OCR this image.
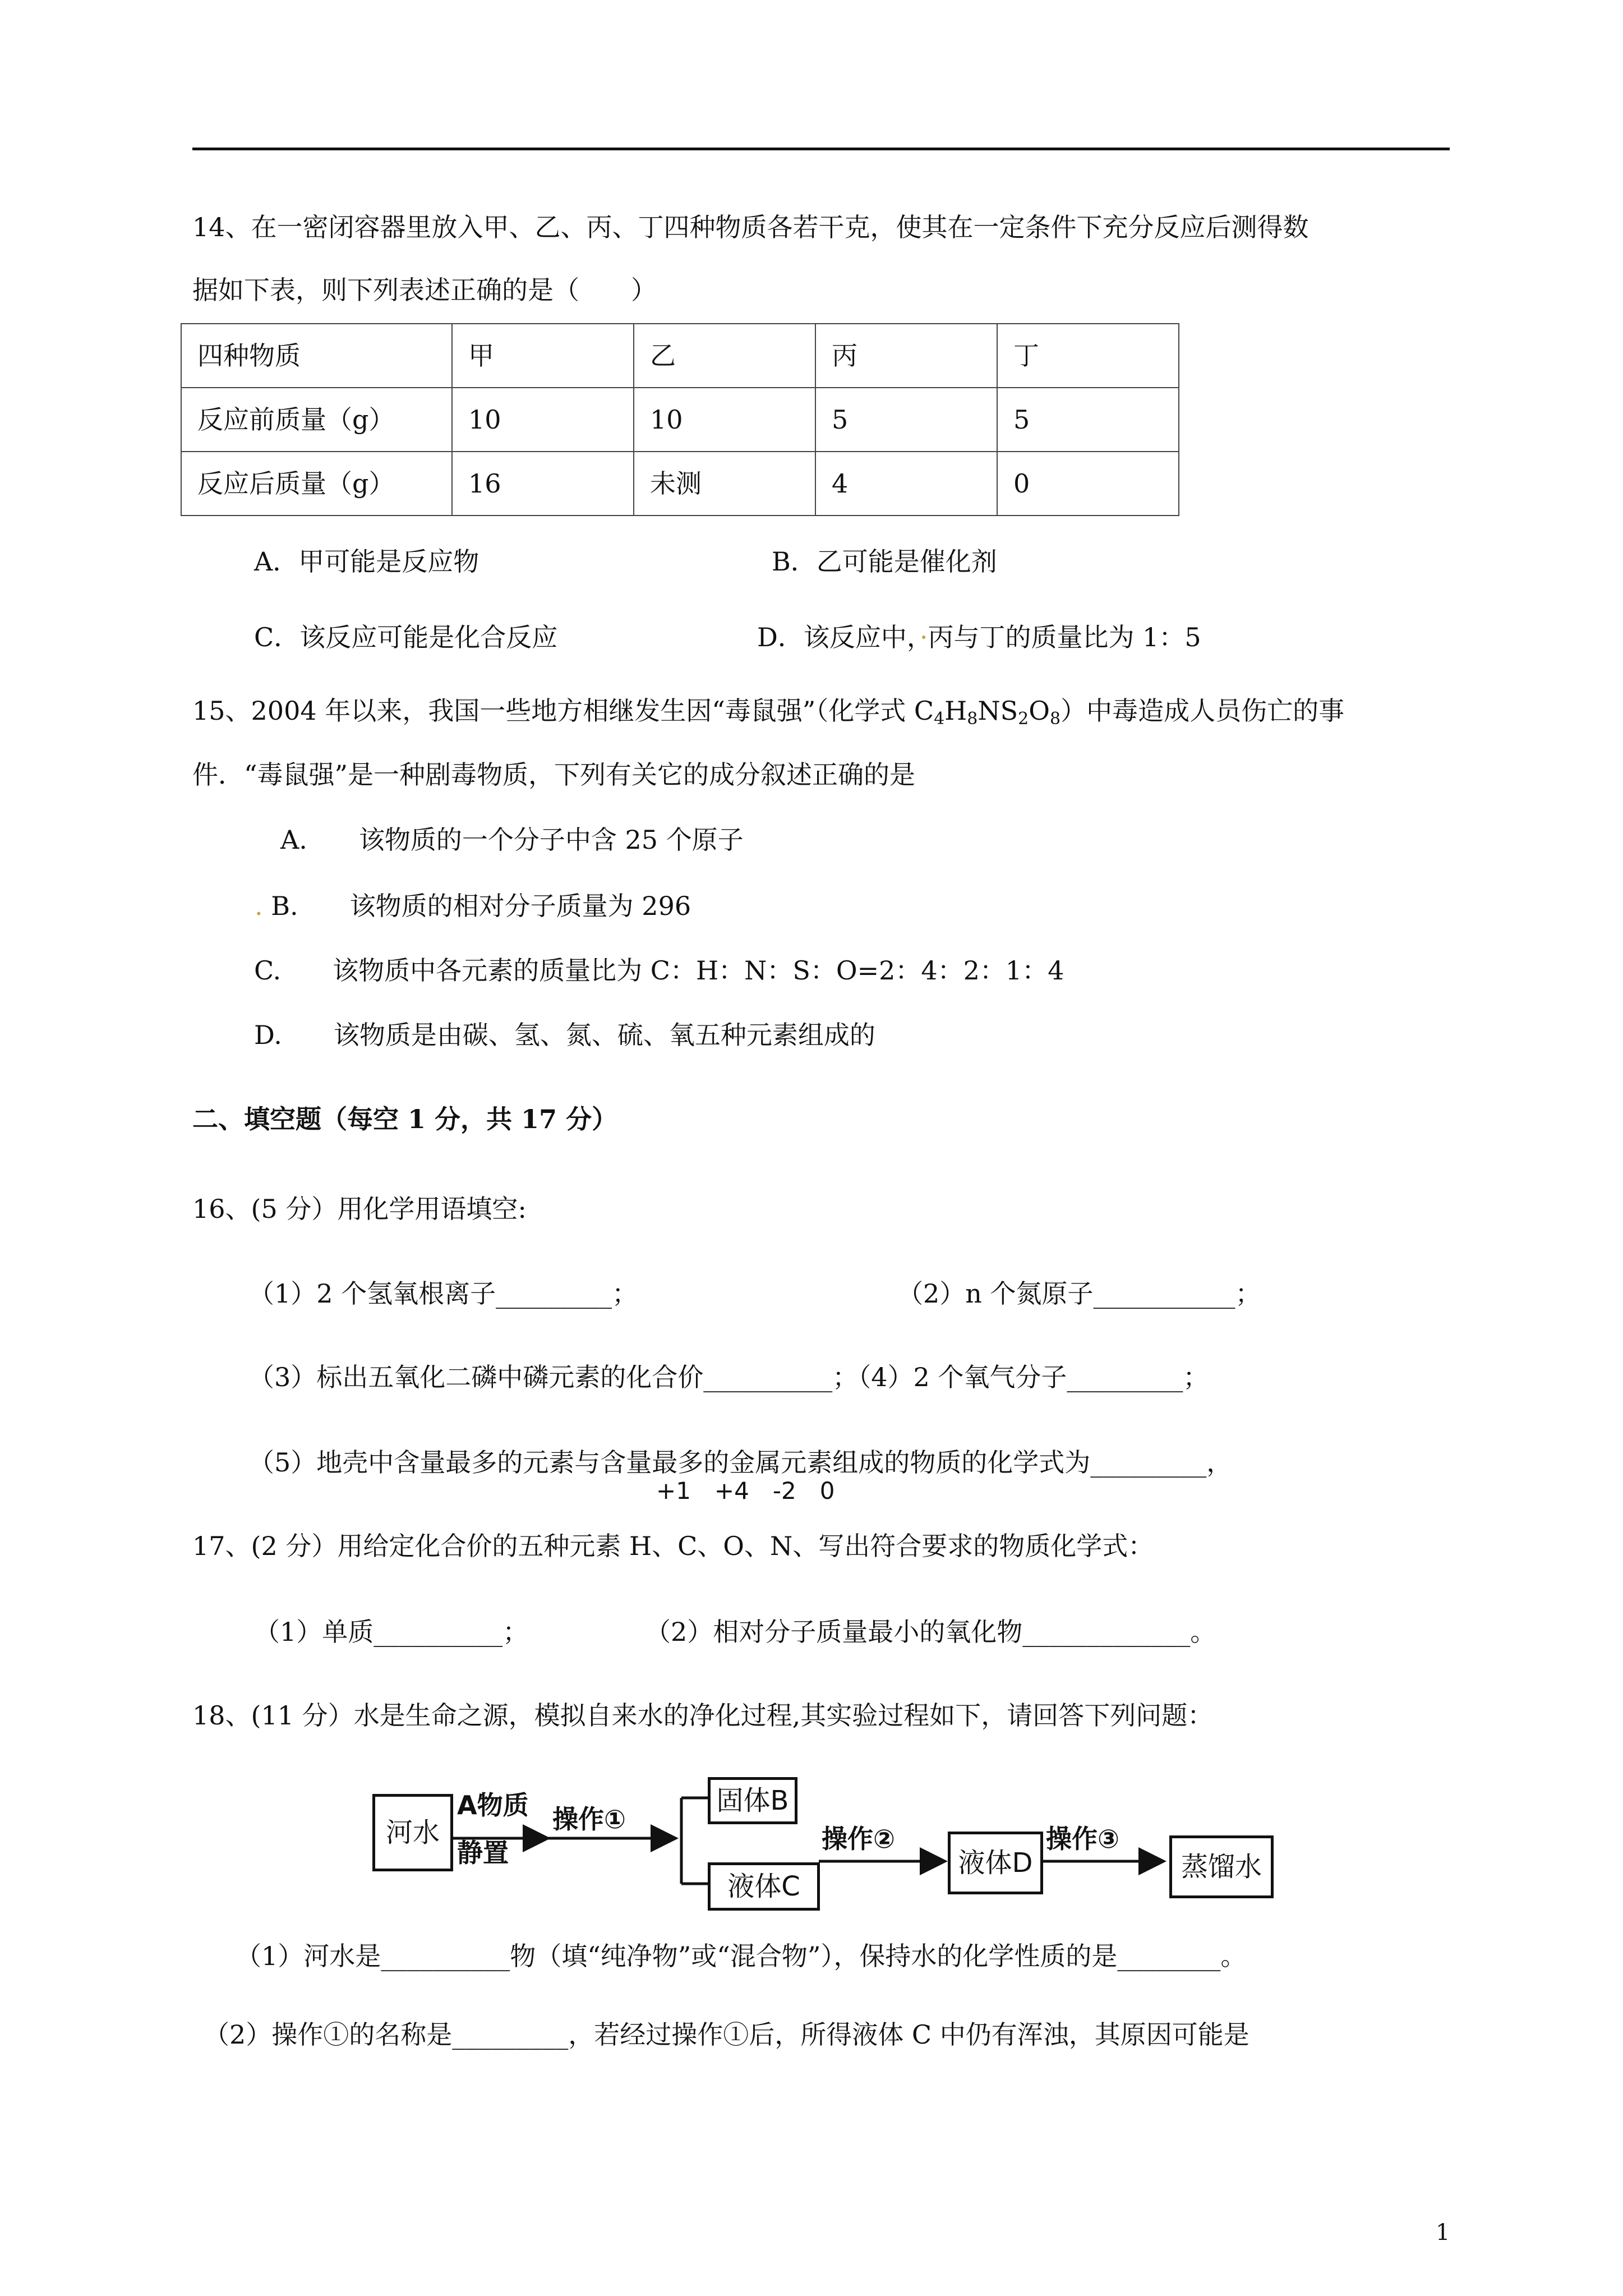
14、在一密闭容器里放入甲、乙、丙、丁四种物质各若干克，使其在一定条件下充分反应后测得数
据如下表，则下列表述正确的是（　　）
四种物质	甲	乙	丙	丁
反应前质量（g）	10	10	5	5
反应后质量（g）	16	未测	4	0
A．甲可能是反应物	B．乙可能是催化剂
C．该反应可能是化合反应	D．该反应中，·丙与丁的质量比为 1：5
15、2004 年以来，我国一些地方相继发生因“毒鼠强”（化学式 $C_4H_8NS_2O_8$）中毒造成人员伤亡的事
件．“毒鼠强”是一种剧毒物质，下列有关它的成分叙述正确的是
A.　　该物质的一个分子中含 25 个原子
. B.　　该物质的相对分子质量为 296
C.　　该物质中各元素的质量比为 C：H：N：S：O=2：4：2：1：4
D.　　该物质是由碳、氢、氮、硫、氧五种元素组成的
二、填空题（每空 1 分，共 17 分）
16、(5 分）用化学用语填空:
（1）2 个氢氧根离子_________；	（2）n 个氮原子___________；
（3）标出五氧化二磷中磷元素的化合价__________；（4）2 个氧气分子_________；
（5）地壳中含量最多的元素与含量最多的金属元素组成的物质的化学式为_________，
+1　+4　-2　0
17、(2 分）用给定化合价的五种元素 H、C、O、N、写出符合要求的物质化学式：
（1）单质__________；	（2）相对分子质量最小的氧化物_____________。
18、(11 分）水是生命之源，模拟自来水的净化过程,其实验过程如下，请回答下列问题：
河水
A物质
静置
操作①
固体B
液体C
操作②
液体D
操作③
蒸馏水
（1）河水是__________物（填“纯净物”或“混合物”），保持水的化学性质的是________。
（2）操作①的名称是_________，若经过操作①后，所得液体 C 中仍有浑浊，其原因可能是
1
